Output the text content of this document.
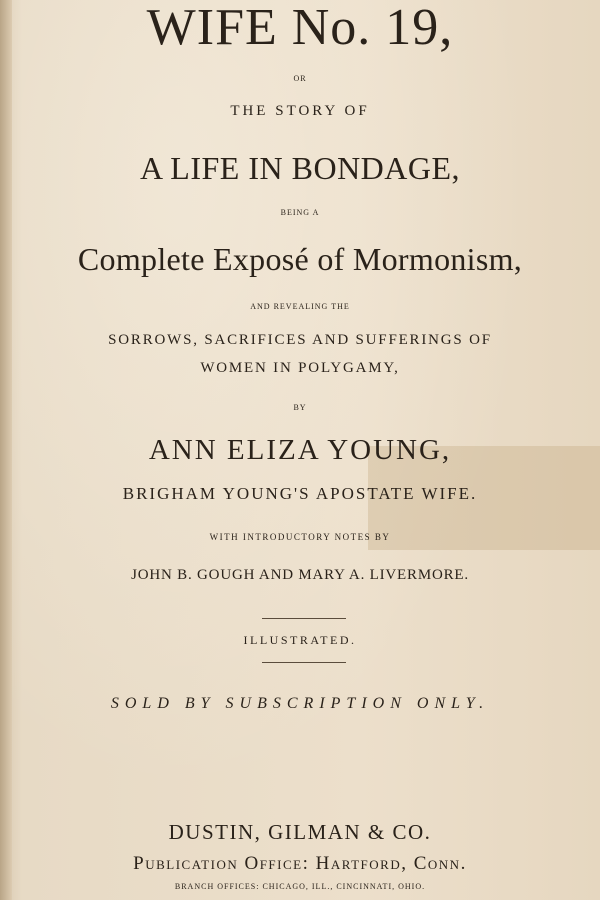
WIFE No. 19,
OR
THE STORY OF
A LIFE IN BONDAGE,
BEING A
Complete Exposé of Mormonism,
AND REVEALING THE
SORROWS, SACRIFICES AND SUFFERINGS OF
WOMEN IN POLYGAMY,
BY
ANN ELIZA YOUNG,
BRIGHAM YOUNG'S APOSTATE WIFE.
WITH INTRODUCTORY NOTES BY
JOHN B. GOUGH AND MARY A. LIVERMORE.
ILLUSTRATED.
SOLD BY SUBSCRIPTION ONLY.
DUSTIN, GILMAN & CO.
Publication Office: Hartford, Conn.
BRANCH OFFICES: CHICAGO, ILL., CINCINNATI, OHIO.
